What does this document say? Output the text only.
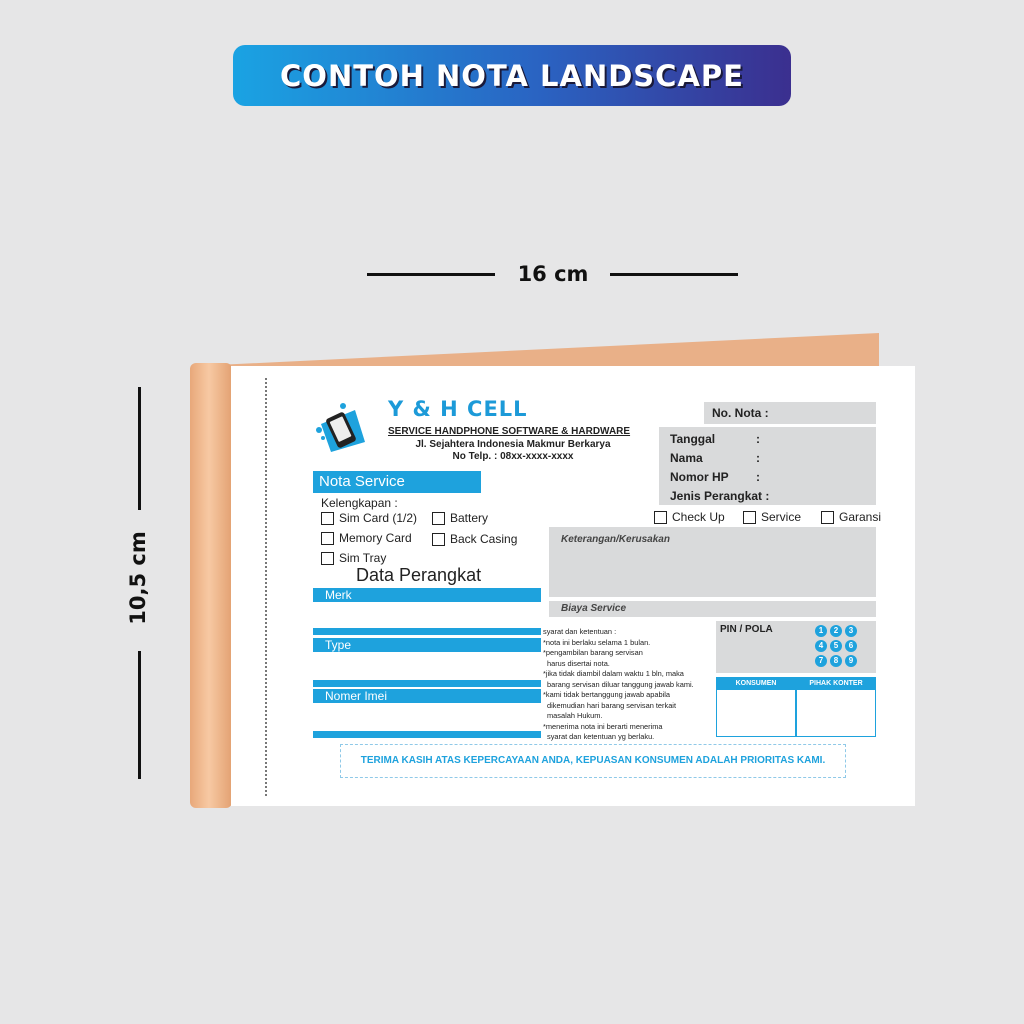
CONTOH NOTA LANDSCAPE
16 cm
10,5 cm
Y & H CELL
SERVICE HANDPHONE SOFTWARE & HARDWARE
Jl. Sejahtera Indonesia Makmur Berkarya
No Telp. : 08xx-xxxx-xxxx
Nota Service
Kelengkapan :
Sim Card (1/2)	Battery
Memory Card	Back Casing
Sim Tray
Data Perangkat
Merk
Type
Nomer Imei
No. Nota :
Tanggal	:
Nama	:
Nomor HP :
Jenis Perangkat :
Check Up	Service	Garansi
Keterangan/Kerusakan
Biaya Service
syarat dan ketentuan :
*nota ini berlaku selama 1 bulan.
*pengambilan barang servisan
harus disertai nota.
*jika tidak diambil dalam waktu 1 bln, maka
barang servisan diluar tanggung jawab kami.
*kami tidak bertanggung jawab apabila
dikemudian hari barang servisan terkait
masalah Hukum.
*menerima nota ini berarti menerima
syarat dan ketentuan yg berlaku.
PIN / POLA	1	2	3
4	5	6
7	8	9
KONSUMEN	PIHAK KONTER
TERIMA KASIH ATAS KEPERCAYAAN ANDA, KEPUASAN KONSUMEN ADALAH PRIORITAS KAMI.
